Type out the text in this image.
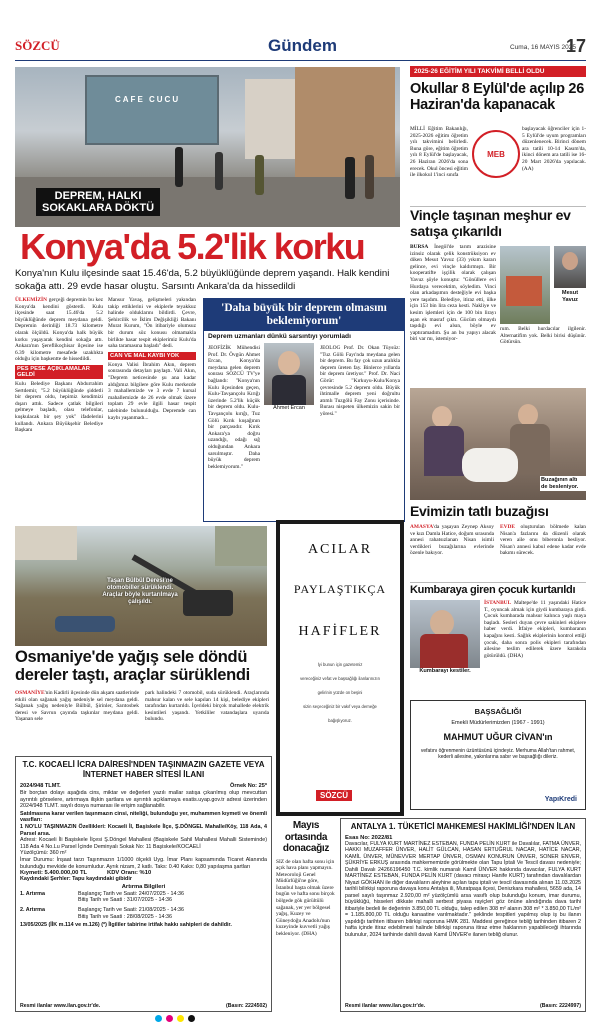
SÖZCÜ	Gündem	Cuma, 16 MAYIS 2025
17
CAFE CUCU
DEPREM, HALKI
SOKAKLARA DÖKTÜ
Konya'da 5.2'lik korku
Konya'nın Kulu ilçesinde saat 15.46'da, 5.2 büyüklüğünde deprem yaşandı. Halk kendini sokağa attı. 29 evde hasar oluştu. Sarsıntı Ankara'da da hissedildi

ÜLKEMİZİN gerçeği depremin bu kez Konya'da kendini gösterdi. Kulu ilçesinde saat 15.46'da 5.2 büyüklüğünde deprem meydana geldi. Depremin derinliği 18.73 kilometre olarak ölçüldü. Konya'da halk büyük korku yaşayarak kendini sokağa attı. Ankara'nın Şereflikoçhisar ilçesine ise 6.39 kilometre mesafede uzaklıkta olduğu için başkentte de hissedildi.

PES PESE AÇIKLAMALAR GELDİ

Kulu Belediye Başkanı Abdurrahim Sertdemir, "5.2 büyüklüğünde şiddetli bir deprem oldu, hepimiz kendimizi dışarı attık. Sadece çatlak bilgileri gelmeye başladı, olası telefonlar, kuşkulacak bir şey yok" ifadelerini kullandı. Ankara Büyükşehir Belediye Başkanı

Mansur Yavaş, gelişmeleri yakından takip ettiklerini ve ekiplerle teyakkuz halinde olduklarını bildirdi. Çevre, Şehircilik ve İklim Değişikliği Bakanı Murat Kurum, "Ön itibariyle olumsuz bir durum söz konusu olmamakla birlikte hasar tespit ekiplerimiz Kulu'da saha taramasına başladı" dedi.

CAN VE MAL KAYBI YOK

Konya Valisi İbrahim Akın, deprem sonrasında detayları paylaştı. Vali Akın, "Deprem neticesinde şu ana kadar aldığımız bilgilere göre Kulu merkezde 3 mahallemizde ve 3 evde 7 kursal mahallemizde de 26 evde olmak üzere toplam 29 evle ilgili hasar tespit talebinde bulunulduğu. Depremde can kaybı yaşanmadı...

'Daha büyük bir deprem olmasını beklemiyorum'
Deprem uzmanları dünkü sarsıntıyı yorumladı

JEOFİZİK Mühendisi Prof. Dr. Övgün Ahmet Ercan, Konya'da meydana gelen deprem sonrası SÖZCÜ TV'ye bağlandı: "Konya'nın Kulu ilçesinden geçen, Kulu-Tavşançolu Kırığı üzerinde 5.2'lik küçük bir deprem oldu. Kulu-Tavşançolu kırığı, Tuz Gölü Kırık kuşağının bir parçasıdır. Kırık Ankara'ya doğru uzandığı, odağı sığ olduğundan Ankara sarsılmıştır. Daha büyük deprem beklemiyorum."

Ahmet Ercan

JEOLOG Prof. Dr. Okan Tüysüz: "Tuz Gölü Fayı'nda meydana gelen bir deprem. Bu fay çok uzun aralıkla deprem üreten fay. Binlerce yıllarda bir deprem üretiyor." Prof. Dr. Naci Görür: "Kırkuyu-Kulu/Konya çevresinde 5.2 deprem oldu. Büyük ihtimalle deprem yeni doğrultu atımlı Tuzgölü Fay Zonu içerisinde. Burası nispeten ülkemizin sakin bir yöresi."

2025-26 EĞİTİM YILI TAKVİMİ BELLİ OLDU
Okullar 8 Eylül'de açılıp 26 Haziran'da kapanacak

MİLLİ Eğitim Bakanlığı, 2025-2026 eğitim öğretim yılı takvimini belirledi. Buna göre, eğitim öğretim yılı 8 Eylül'de başlayacak, 26 Haziran 2026'da sona erecek. Okul öncesi eğitim ile ilkokul 1'inci sınıfa

MEB

başlayacak öğrenciler için 1-5 Eylül'de uyum programları düzenlenecek. Birinci dönem ara tatili 10-14 Kasım'da, ikinci dönem ara tatili ise 16-20 Mart 2026'da yapılacak. (AA)

Vinçle taşınan meşhur ev satışa çıkarıldı

BURSA İnegöl'de tarım arazisine izinsiz olarak çelik konstrüksiyon ev diken Mesut Yavuz (33) yıkım kararı gelince, evi vinçle kaldırmıştı. Bir kooperatifte işçilik olarak çalışan Yavuz şöyle konuştu: "Gönüllere evi Hurdaya verecektim, söyledim. Vinci olan arkadaşımın desteğiyle evi başka yere taşıdım. Belediye, itiraz etti, ülke için 153 bin lira ceza kesti. Nakliye ve kesim işlemleri için de 100 bin lirayı aşan ek masraf çıktı. Gücüm olmaydı taşıdığı evi alsın, böyle ev yaptıramadım. Şu an bu yapıyı alacak biri var mı, istemiyor-

Mesut Yavuz

rum. Belki hurdacılar ilgilenir. Alternatifim yok. Belki birisi düşünür. Götürsün.

Buzağının altı de besleniyor.
Evimizin tatlı buzağısı

AMASYA'da yaşayan Zeynep Aksoy ve kızı Damla Hatice, doğum sırasında annesi rahatsızlanan Nisan isimli verdikleri buzağılarına evlerinde özenle bakıyor.

EVDE oluşturulan bölmede kalan Nisan'a fazlarını da düzenli olarak veren aile onu biberonla besliyor. Nisan'ı annesi kabul edene kadar evde bakımı sürecek.

Kumbaraya giren çocuk kurtarıldı
Kumbarayı kestiler.

İSTANBUL Maltepe'de 11 yaşındaki Hatice T., oyuncak almak için giydi kumbaraya girdi. Çocuk kumbarada mahsur kalınca yaşlı maya başladı. Sesleri duyan çevre sakinleri ekiplere haber verdi. İtfaiye ekipleri, kumbaranın kapağını kesti. Sağlık ekiplerinin kontrol ettiği çocuk, daha sonra polis ekipleri tarafından ailesine teslim edilerek üzere karakola götürüldü. (DHA)

Taşan Bülbül Deresi'ne otomobiller sürüklendi. Araçlar böyle kurtarılmaya çalışıldı.
Osmaniye'de yağış sele döndü dereler taştı, araçlar sürüklendi

OSMANİYE'nin Kadirli ilçesinde dün akşam saatlerinde etkili olan sağanak yağış nedeniyle sel meydana geldi. Sağanak yağış nedeniyle Bülbül, Şirinler, Sarıtosbek deresi ve Savrun çayında taşkınlar meydana geldi. Yaşanan sele

park halindeki 7 otomobil, suda sürüklendi. Araçlarında mahsur kalan ve sele kapılan 14 kişi, belediye ekipleri tarafından kurtarıldı. İçerideki birçok mahallede elektrik kesintileri yaşandı. Yetkililer vatandaşlara uyarıda bulundu.

ACILAR
PAYLAŞTIKÇA
HAFİFLER
İyi bunun için gazetemiz
vereceğiniz vefat ve başsağlığı ilanlarınızın
gelirinin yüzde on beşini
sizin seçeceğiniz bir vakıf veya derneğe
bağışlıyoruz.
SÖZCÜ
BAŞSAĞLIĞI
Emekli Müdürlerimizden (1967 - 1991)
MAHMUT UĞUR CİVAN'ın
vefatını öğrenmenin üzüntüsünü içindeyiz. Merhuma Allah'tan rahmet, kederli ailesine, yakınlarına sabır ve başsağlığı dileriz.
YapıKredi
T.C. KOCAELİ İCRA DAİRESİ'NDEN TAŞINMAZIN GAZETE VEYA İNTERNET HABER SİTESİ İLANI
2024/948 TLMT.	Örnek No: 25*

Bir borçtan dolayı aşağıda cins, miktar ve değerleri yazılı mallar satışa çıkarılmış olup mevcuttan ayrıntılı görselere, artırmaya ilişkin şartlara ve ayrıntılı açıklamaya esatis.uyap.gov.tr adresi üzerinden 2024/948 TLMT. sayılı dosya numarası ile erişim sağlanabilir.

Satılmasına karar verilen taşınmazın cinsi, niteliği, bulunduğu yer, muhammen kıymeti ve önemli vasıfları:

1 NO'LU TAŞINMAZIN Özellikleri: Kocaeli İl, Başiskele İlçe, Ş.DÖNGEL Mahalle/Köy, 118 Ada, 4 Parsel arsa.

Adresi: Kocaeli İli Başiskele İlçesi Ş.Döngel Mahallesi (Başiskele Sahil Mahallesi Mahalli Sisteminde) 118 Ada 4 No.Lu Parsel İçinde Deminyalı Sokak No: 11 Başiskele/KOCAELİ

Yüzölçümü: 360 m²

İmar Durumu: İnşaat tarzı Taşınmazın 1/1000 ölçekli Uyg. İmar Planı kapsamında Ticaret Alanında bulunduğu mevkide de konumludur. Ayrık nizam, 2 katlı. Taks: 0.40 Kaks: 0,80 yapılaşma şartları

Kıymeti: 5.400.000,00 TL	KDV Oranı: %10

Kaydındaki Şerhler: Tapu kaydındaki gibidir

Artırma Bilgileri
1. Artırma	Başlangıç Tarih ve Saati: 24/07/2025 - 14:36
Bitiş Tarih ve Saati : 31/07/2025 - 14:36
2. Artırma	Başlangıç Tarih ve Saati: 21/08/2025 - 14:36
Bitiş Tarih ve Saati : 28/08/2025 - 14:36

13/05/2025 (İİK m.114 ve m.126) (*) İlgililer tabirine irtifak hakkı sahipleri de dahildir.

Resmi ilanlar www.ilan.gov.tr'de.	(Basın: 2224502)
Mayıs ortasında donacağız

SIZ de olan hafta sonu için açık hava planı yapmayın. Meteoroloji Genel Müdürlüğü'ne göre, İstanbul başta olmak üzere bugün ve hafta sonu birçok bölgede gök gürültülü sağanak, yer yer bölgesel yağış, Kuzey ve Güneydoğu Anadolu'nun kuzeyinde kuvvetli yağış bekleniyor. (DHA)

ANTALYA 1. TÜKETİCİ MAHKEMESİ HAKİMLİĞİ'NDEN İLAN
Esas No: 2022/81

Davacılar, FULYA KURT MARTİNEZ ESTEBAN, FUNDA PELİN KURT ile Davalılar, FATMA ÜNVER, HAKKI MUZAFFER ÜNVER, HALİT GÜLCAN, HASAN ERTUĞRUL NACAR, HATİCE NACAR, KAMİL ÜNVER, MÜNEVVER MERTAP ÜNVER, OSMAN KONURUN ÜNVER, SONER ENVER, ŞÜKRİYE ERKUŞ arasında mahkememizde görülmekte olan Tapu İptali Ve Tescil davası nedeniyle; Dahili Davalı 24266196450 T.C. kimlik numaralı Kamil ÜNVER hakkında davacılar, FULYA KURT MARTİNEZ ESTEBAN, FUNDA PELİN KURT (davacı mirasçı Hanife KURT) tarafından davalılardan Niyazi GÖKHAN ile diğer davalıların aleyhine açılan tapu iptali ve tescil davasında alınan 11.03.2025 tarihli bilirkişi raporuna davaya konu Antalya ili, Muratpaşa ilçesi, Deniızkara mahallesi, 5659 ada, 14 parsel sayılı taşınmaz 2.920,00 m² yüzölçümlü arsa vasıflı olup bulunduğu konum, imar durumu, büyüklüğü, hisseleri dikkate mahalli serbest piyasa rayiçleri göz önüne alındığında dava tarihi itibariyle bedeli ile değerinin 3.850,00 TL olduğu, talep edilen 308 m² alanın 308 m² * 3.850,00 TL/m² = 1.185.800,00 TL olduğu kanaatine varılmaktadır." şeklinde tespitleri yapılmış olup iş bu ilanın yapıldığı tarihten itibaren bilirkişi raporuna HMK 281. Maddesi gereğince tebliğ tarihinden itibaren 2 hafta içinde itiraz edebilmesi halinde bilirkişi raporuna itiraz etme haklarının yapabileceği ihtarında bulunulur, 2024 tarihinde dahili davalı Kamil ÜNVER'e ilanen tebliğ olunur.

Resmi ilanlar www.ilan.gov.tr'de.	(Basın: 2224997)
